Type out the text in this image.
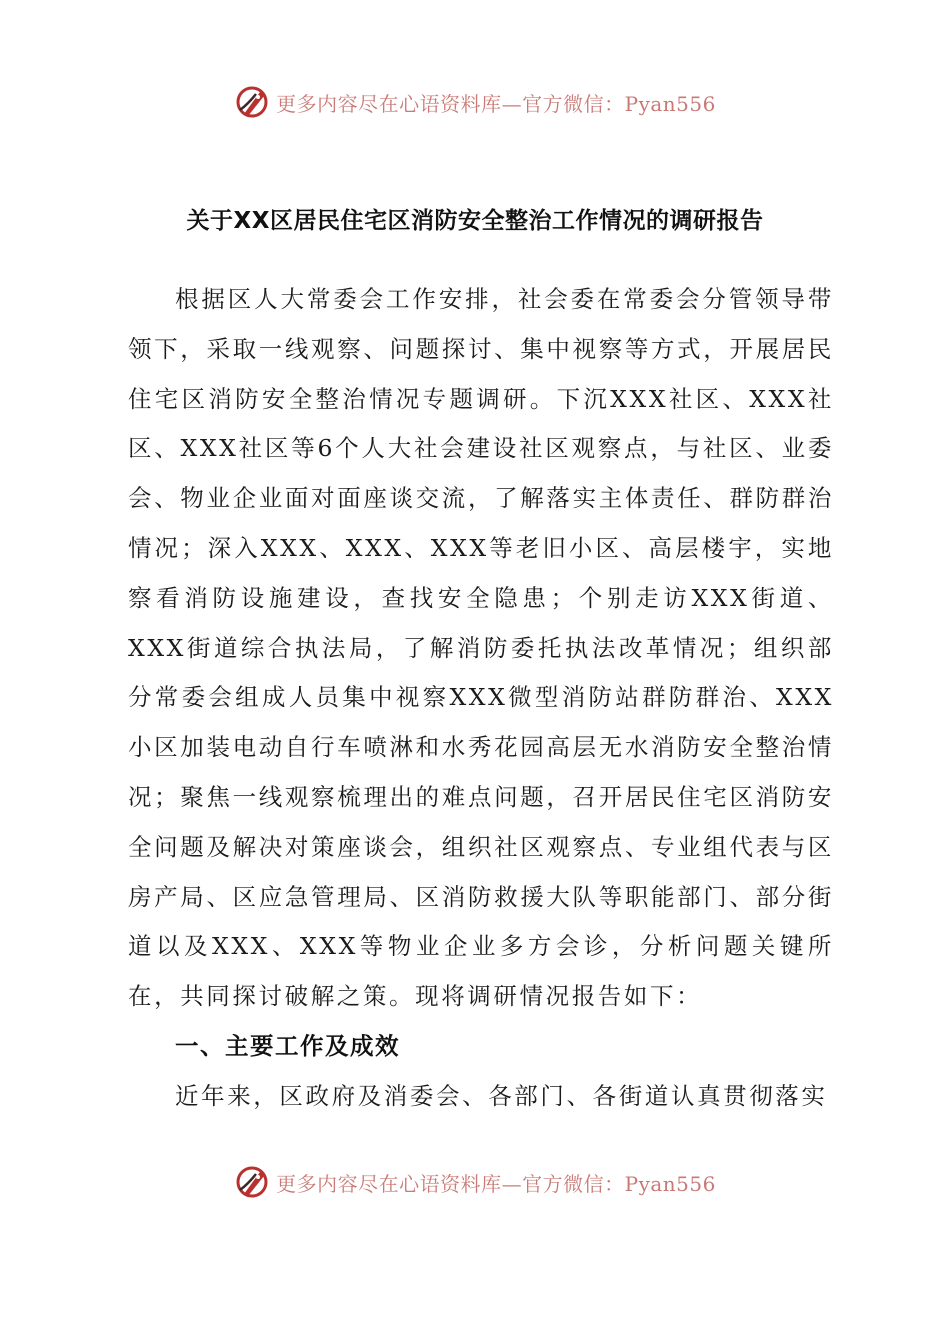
更多内容尽在心语资料库—官方微信：Pyan556
关于XX区居民住宅区消防安全整治工作情况的调研报告

根据区人大常委会工作安排，社会委在常委会分管领导带领下，采取一线观察、问题探讨、集中视察等方式，开展居民住宅区消防安全整治情况专题调研。下沉XXX社区、XXX社区、XXX社区等6个人大社会建设社区观察点，与社区、业委会、物业企业面对面座谈交流，了解落实主体责任、群防群治情况；深入XXX、XXX、XXX等老旧小区、高层楼宇，实地察看消防设施建设，查找安全隐患；个别走访XXX街道、XXX街道综合执法局，了解消防委托执法改革情况；组织部分常委会组成人员集中视察XXX微型消防站群防群治、XXX小区加装电动自行车喷淋和水秀花园高层无水消防安全整治情况；聚焦一线观察梳理出的难点问题，召开居民住宅区消防安全问题及解决对策座谈会，组织社区观察点、专业组代表与区房产局、区应急管理局、区消防救援大队等职能部门、部分街道以及XXX、XXX等物业企业多方会诊，分析问题关键所在，共同探讨破解之策。现将调研情况报告如下：

一、主要工作及成效

近年来，区政府及消委会、各部门、各街道认真贯彻落实

更多内容尽在心语资料库—官方微信：Pyan556
